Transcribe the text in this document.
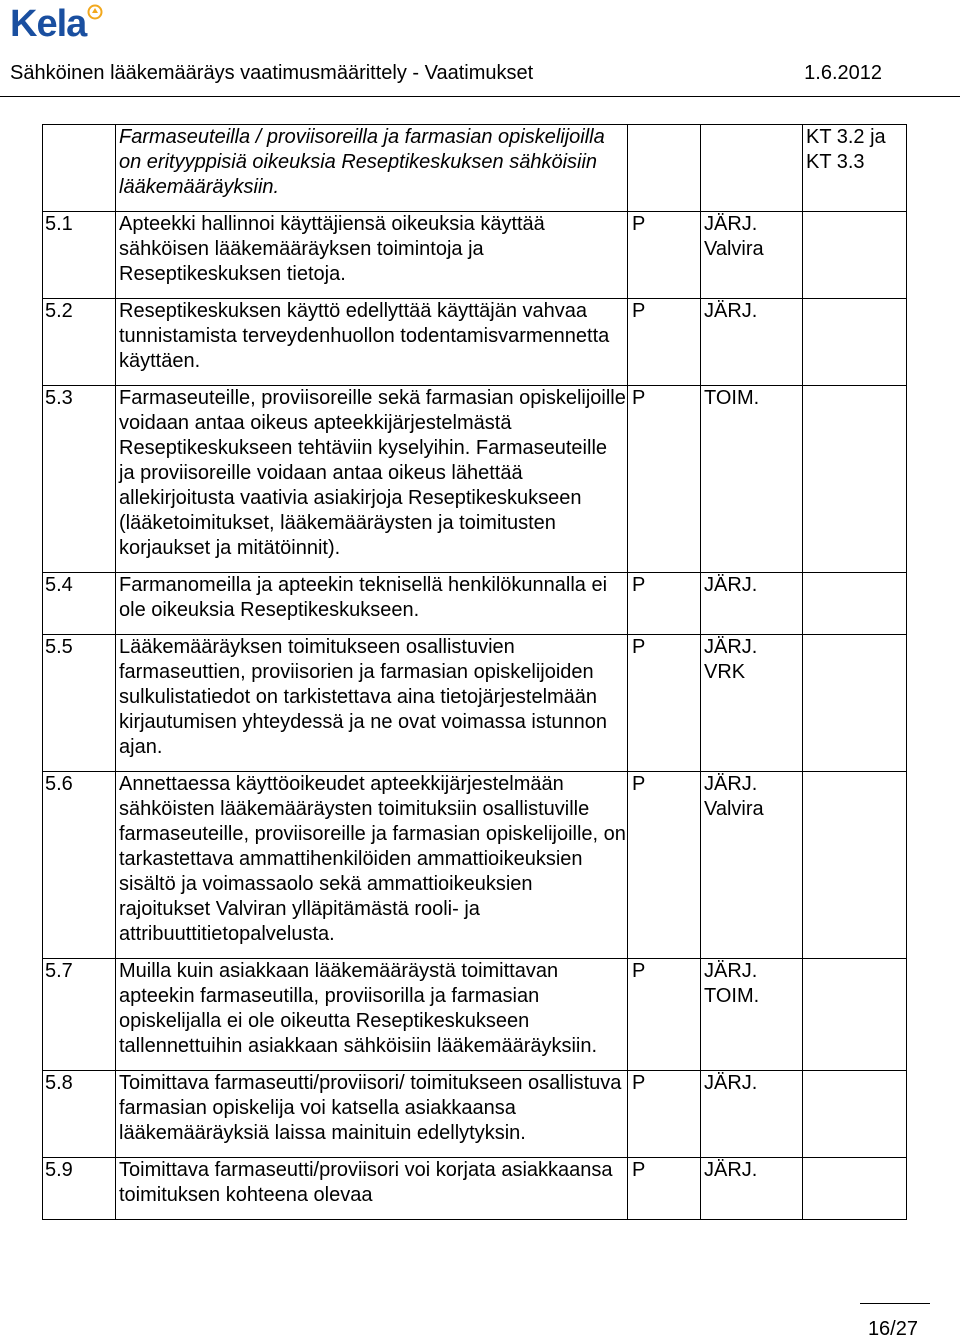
Kela
Sähköinen lääkemääräys vaatimusmäärittely - Vaatimukset	1.6.2012
	Farmaseuteilla / proviisoreilla ja farmasian opiskelijoilla on erityyppisiä oikeuksia Reseptikeskuksen sähköisiin lääkemääräyksiin.			KT 3.2 ja
KT 3.3
5.1	Apteekki hallinnoi käyttäjiensä oikeuksia käyttää sähköisen lääkemääräyksen toimintoja ja Reseptikeskuksen tietoja.	P	JÄRJ.
Valvira	
5.2	Reseptikeskuksen käyttö edellyttää käyttäjän vahvaa tunnistamista terveydenhuollon todentamisvarmennetta käyttäen.	P	JÄRJ.	
5.3	Farmaseuteille, proviisoreille sekä farmasian opiskelijoille voidaan antaa oikeus apteekkijärjestelmästä Reseptikeskukseen tehtäviin kyselyihin. Farmaseuteille ja proviisoreille voidaan antaa oikeus lähettää allekirjoitusta vaativia asiakirjoja Reseptikeskukseen (lääketoimitukset, lääkemääräysten ja toimitusten korjaukset ja mitätöinnit).	P	TOIM.	
5.4	Farmanomeilla ja apteekin teknisellä henkilökunnalla ei ole oikeuksia Reseptikeskukseen.	P	JÄRJ.	
5.5	Lääkemääräyksen toimitukseen osallistuvien farmaseuttien, proviisorien ja farmasian opiskelijoiden sulkulistatiedot on tarkistettava aina tietojärjestelmään kirjautumisen yhteydessä ja ne ovat voimassa istunnon ajan.	P	JÄRJ.
VRK	
5.6	Annettaessa käyttöoikeudet apteekkijärjestelmään sähköisten lääkemääräysten toimituksiin osallistuville farmaseuteille, proviisoreille ja farmasian opiskelijoille, on tarkastettava ammattihenkilöiden ammattioikeuksien sisältö ja voimassaolo sekä ammattioikeuksien rajoitukset Valviran ylläpitämästä rooli- ja attribuuttitietopalvelusta.	P	JÄRJ.
Valvira	
5.7	Muilla kuin asiakkaan lääkemääräystä toimittavan apteekin farmaseutilla, proviisorilla ja farmasian opiskelijalla ei ole oikeutta Reseptikeskukseen tallennettuihin asiakkaan sähköisiin lääkemääräyksiin.	P	JÄRJ.
TOIM.	
5.8	Toimittava farmaseutti/proviisori/ toimitukseen osallistuva farmasian opiskelija voi katsella asiakkaansa lääkemääräyksiä laissa mainituin edellytyksin.	P	JÄRJ.	
5.9	Toimittava farmaseutti/proviisori voi korjata asiakkaansa toimituksen kohteena olevaa	P	JÄRJ.	
16/27
